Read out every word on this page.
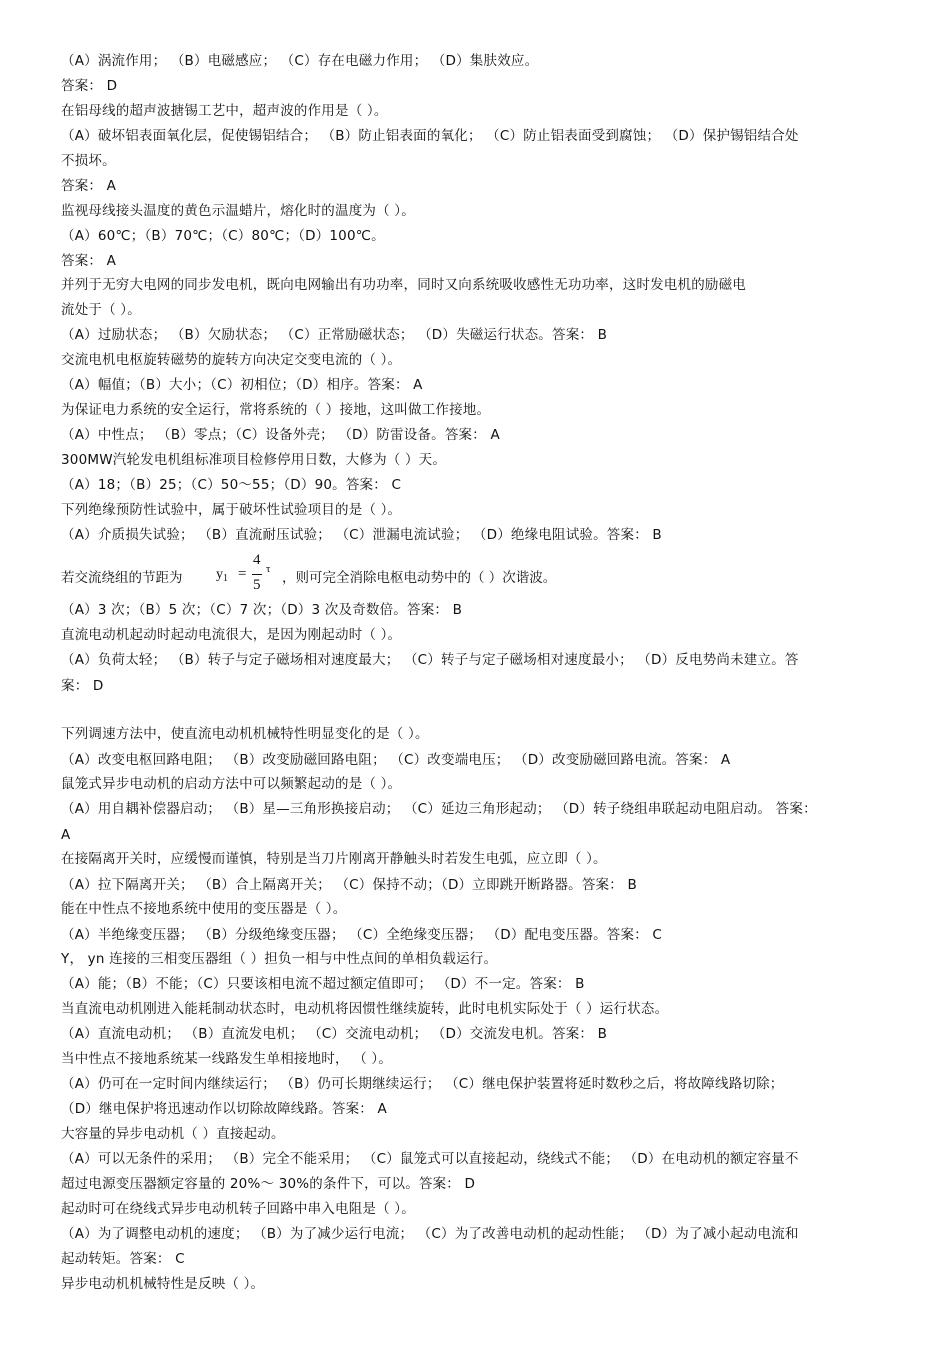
（A）涡流作用； （B）电磁感应； （C）存在电磁力作用； （D）集肤效应。
答案： D
在铝母线的超声波搪锡工艺中，超声波的作用是（ ）。
（A）破坏铝表面氧化层，促使锡铝结合； （B）防止铝表面的氧化； （C）防止铝表面受到腐蚀； （D）保护锡铝结合处
不损坏。
答案： A
监视母线接头温度的黄色示温蜡片，熔化时的温度为（ ）。
（A）60℃；（B）70℃；（C）80℃；（D）100℃。
答案： A
并列于无穷大电网的同步发电机，既向电网输出有功功率，同时又向系统吸收感性无功功率，这时发电机的励磁电
流处于（ ）。
（A）过励状态； （B）欠励状态； （C）正常励磁状态； （D）失磁运行状态。答案： B
交流电机电枢旋转磁势的旋转方向决定交变电流的（ ）。
（A）幅值；（B）大小；（C）初相位；（D）相序。答案： A
为保证电力系统的安全运行，常将系统的（ ）接地，这叫做工作接地。
（A）中性点； （B）零点；（C）设备外壳； （D）防雷设备。答案： A
300MW汽轮发电机组标准项目检修停用日数，大修为（ ）天。
（A）18；（B）25；（C）50～55；（D）90。答案： C
下列绝缘预防性试验中，属于破坏性试验项目的是（ ）。
（A）介质损失试验； （B）直流耐压试验； （C）泄漏电流试验； （D）绝缘电阻试验。答案： B
若交流绕组的节距为 $y_1$ =
4
5
τ
，则可完全消除电枢电动势中的（ ）次谐波。
（A）3 次；（B）5 次；（C）7 次；（D）3 次及奇数倍。答案： B
直流电动机起动时起动电流很大，是因为刚起动时（ ）。
（A）负荷太轻； （B）转子与定子磁场相对速度最大； （C）转子与定子磁场相对速度最小； （D）反电势尚未建立。答
案： D
下列调速方法中，使直流电动机机械特性明显变化的是（ ）。
（A）改变电枢回路电阻； （B）改变励磁回路电阻； （C）改变端电压； （D）改变励磁回路电流。答案： A
鼠笼式异步电动机的启动方法中可以频繁起动的是（ ）。
（A）用自耦补偿器启动； （B）星—三角形换接启动； （C）延边三角形起动； （D）转子绕组串联起动电阻启动。 答案：
A
在接隔离开关时，应缓慢而谨慎，特别是当刀片刚离开静触头时若发生电弧，应立即（ ）。
（A）拉下隔离开关； （B）合上隔离开关； （C）保持不动；（D）立即跳开断路器。答案： B
能在中性点不接地系统中使用的变压器是（ ）。
（A）半绝缘变压器； （B）分级绝缘变压器； （C）全绝缘变压器； （D）配电变压器。答案： C
Y， yn 连接的三相变压器组（ ）担负一相与中性点间的单相负载运行。
（A）能；（B）不能；（C）只要该相电流不超过额定值即可； （D）不一定。答案： B
当直流电动机刚进入能耗制动状态时，电动机将因惯性继续旋转，此时电机实际处于（ ）运行状态。
（A）直流电动机； （B）直流发电机； （C）交流电动机； （D）交流发电机。答案： B
当中性点不接地系统某一线路发生单相接地时， （ ）。
（A）仍可在一定时间内继续运行； （B）仍可长期继续运行； （C）继电保护装置将延时数秒之后，将故障线路切除；
（D）继电保护将迅速动作以切除故障线路。答案： A
大容量的异步电动机（ ）直接起动。
（A）可以无条件的采用； （B）完全不能采用； （C）鼠笼式可以直接起动，绕线式不能； （D）在电动机的额定容量不
超过电源变压器额定容量的 20%～ 30%的条件下，可以。答案： D
起动时可在绕线式异步电动机转子回路中串入电阻是（ ）。
（A）为了调整电动机的速度； （B）为了减少运行电流； （C）为了改善电动机的起动性能； （D）为了减小起动电流和
起动转矩。答案： C
异步电动机机械特性是反映（ ）。
